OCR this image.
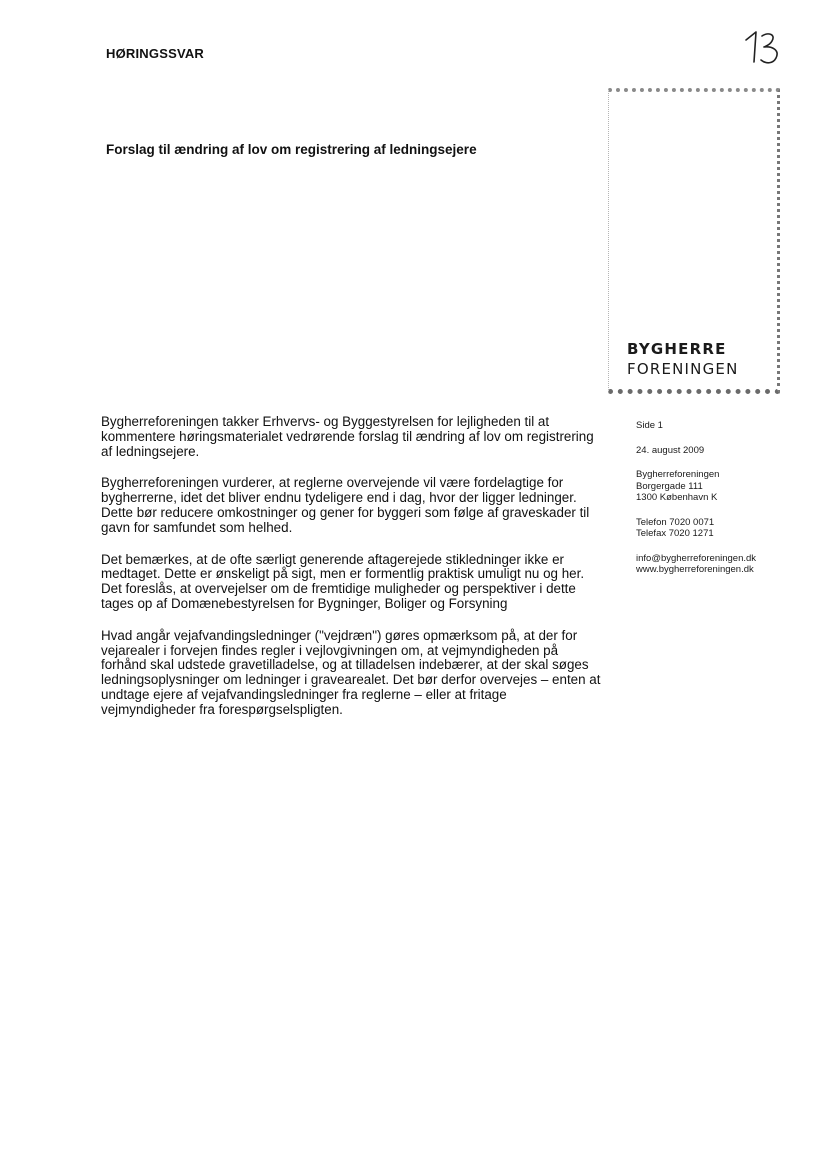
HØRINGSSVAR
Forslag til ændring af lov om registrering af ledningsejere
BYGHERRE
FORENINGEN

Bygherreforeningen takker Erhvervs- og Byggestyrelsen for lejligheden til at kommentere høringsmaterialet vedrørende forslag til ændring af lov om registrering af ledningsejere.

Bygherreforeningen vurderer, at reglerne overvejende vil være fordelagtige for bygherrerne, idet det bliver endnu tydeligere end i dag, hvor der ligger ledninger. Dette bør reducere omkostninger og gener for byggeri som følge af graveskader til gavn for samfundet som helhed.

Det bemærkes, at de ofte særligt generende aftagerejede stikledninger ikke er medtaget. Dette er ønskeligt på sigt, men er formentlig praktisk umuligt nu og her. Det foreslås, at overvejelser om de fremtidige muligheder og perspektiver i dette tages op af Domænebestyrelsen for Bygninger, Boliger og Forsyning

Hvad angår vejafvandingsledninger ("vejdræn") gøres opmærksom på, at der for vejarealer i forvejen findes regler i vejlovgivningen om, at vejmyndigheden på forhånd skal udstede gravetilladelse, og at tilladelsen indebærer, at der skal søges ledningsoplysninger om ledninger i gravearealet. Det bør derfor overvejes – enten at undtage ejere af vejafvandingsledninger fra reglerne – eller at fritage vejmyndigheder fra forespørgselspligten.

Side 1
24. august 2009
Bygherreforeningen
Borgergade 111
1300 København K
Telefon 7020 0071
Telefax 7020 1271
info@bygherreforeningen.dk
www.bygherreforeningen.dk
